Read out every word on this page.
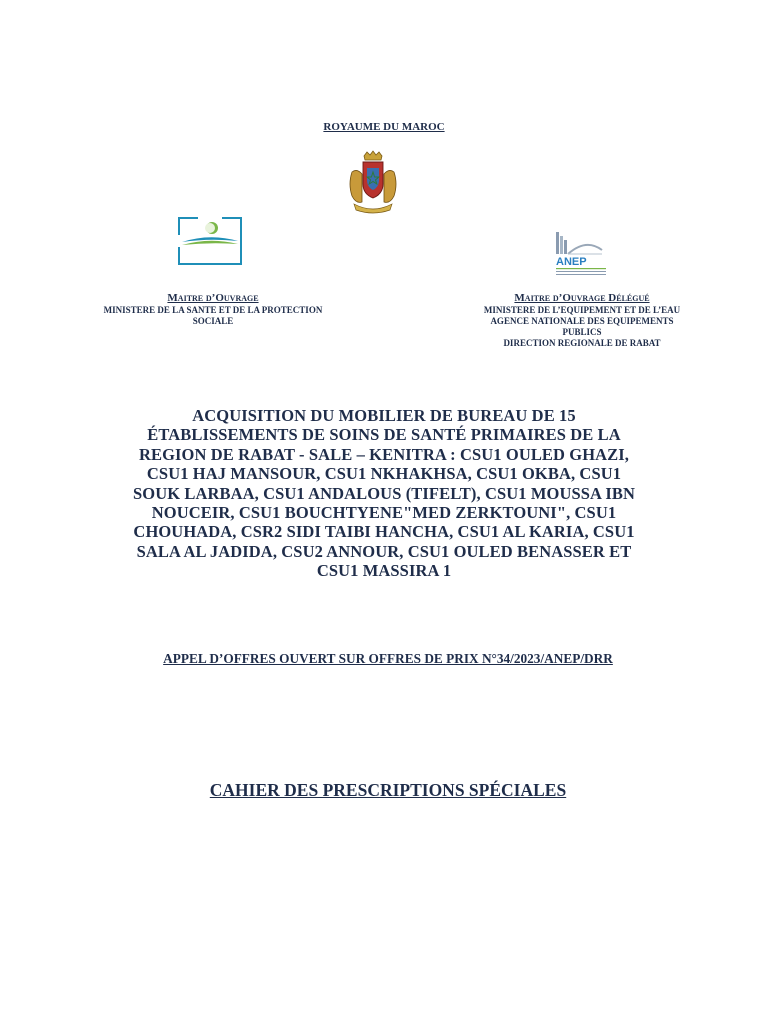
ROYAUME DU MAROC
ANEP
Maitre d’Ouvrage
MINISTERE DE LA SANTE ET DE LA PROTECTION
SOCIALE
Maitre d’Ouvrage Délégué
MINISTERE DE L’EQUIPEMENT ET DE L’EAU
AGENCE NATIONALE DES EQUIPEMENTS
PUBLICS
DIRECTION REGIONALE DE RABAT
ACQUISITION DU MOBILIER DE BUREAU DE 15
ÉTABLISSEMENTS DE SOINS DE SANTÉ PRIMAIRES DE LA
REGION DE RABAT - SALE – KENITRA : CSU1 OULED GHAZI,
CSU1 HAJ MANSOUR, CSU1 NKHAKHSA, CSU1 OKBA, CSU1
SOUK LARBAA, CSU1 ANDALOUS (TIFELT), CSU1 MOUSSA IBN
NOUCEIR, CSU1 BOUCHTYENE"MED ZERKTOUNI", CSU1
CHOUHADA, CSR2 SIDI TAIBI HANCHA, CSU1 AL KARIA, CSU1
SALA AL JADIDA, CSU2 ANNOUR, CSU1 OULED BENASSER ET
CSU1 MASSIRA 1
APPEL D’OFFRES OUVERT SUR OFFRES DE PRIX N°34/2023/ANEP/DRR
CAHIER DES PRESCRIPTIONS SPÉCIALES
